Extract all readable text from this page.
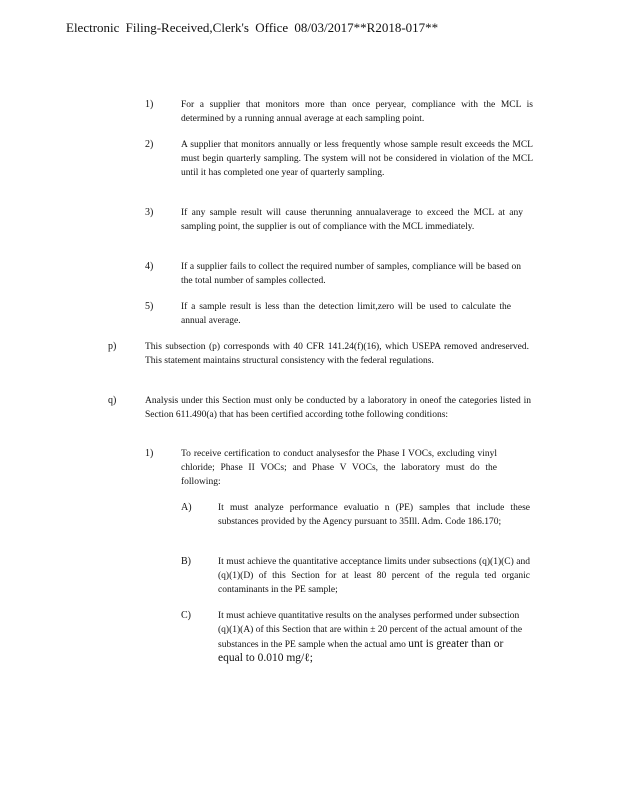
Electronic Filing-Received,Clerk's Office 08/03/2017**R2018-017**
1)	For a supplier that monitors more than once peryear, compliance with the MCL is determined by a running annual average at each sampling point.
2)	A supplier that monitors annually or less frequently whose sample result exceeds the MCL must begin quarterly sampling. The system will not be considered in violation of the MCL until it has completed one year of quarterly sampling.
3)	If any sample result will cause therunning annualaverage to exceed the MCL at any sampling point, the supplier is out of compliance with the MCL immediately.
4)	If a supplier fails to collect the required number of samples, compliance will be based on the total number of samples collected.
5)	If a sample result is less than the detection limit,zero will be used to calculate the annual average.
p)	This subsection (p) corresponds with 40 CFR 141.24(f)(16), which USEPA removed andreserved. This statement maintains structural consistency with the federal regulations.
q)	Analysis under this Section must only be conducted by a laboratory in oneof the categories listed in Section 611.490(a) that has been certified according tothe following conditions:
1)	To receive certification to conduct analysesfor the Phase I VOCs, excluding vinyl chloride; Phase II VOCs; and Phase V VOCs, the laboratory must do the following:
A)	It must analyze performance evaluatio n (PE) samples that include these substances provided by the Agency pursuant to 35Ill. Adm. Code 186.170;
B)	It must achieve the quantitative acceptance limits under subsections (q)(1)(C) and (q)(1)(D) of this Section for at least 80 percent of the regula ted organic contaminants in the PE sample;
C)	It must achieve quantitative results on the analyses performed under subsection (q)(1)(A) of this Section that are within ± 20 percent of the actual amount of the substances in the PE sample when the actual amo unt is greater than or equal to 0.010 mg/ℓ;
